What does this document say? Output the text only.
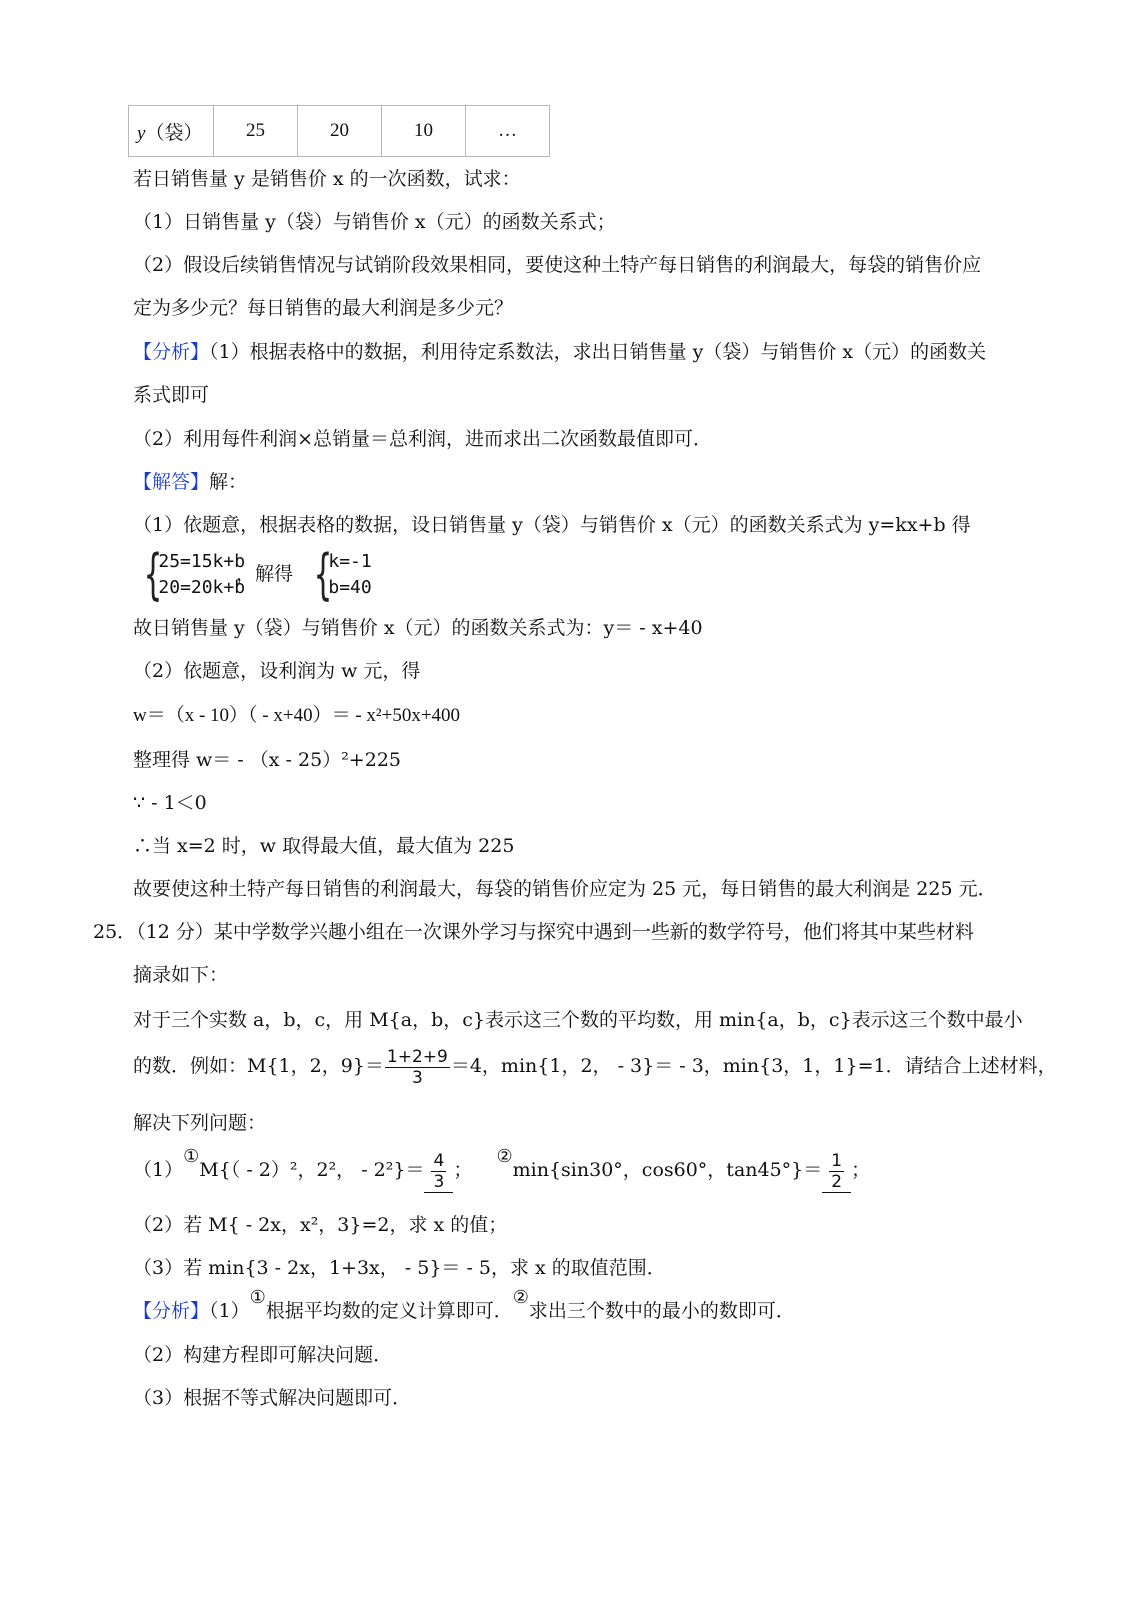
y（袋）	25	20	10	…
若日销售量 y 是销售价 x 的一次函数，试求：
（1）日销售量 y（袋）与销售价 x（元）的函数关系式；
（2）假设后续销售情况与试销阶段效果相同，要使这种土特产每日销售的利润最大，每袋的销售价应
定为多少元？每日销售的最大利润是多少元？
【分析】（1）根据表格中的数据，利用待定系数法，求出日销售量 y（袋）与销售价 x（元）的函数关
系式即可
（2）利用每件利润×总销量＝总利润，进而求出二次函数最值即可．
【解答】解：
（1）依题意，根据表格的数据，设日销售量 y（袋）与销售价 x（元）的函数关系式为 y=kx+b 得
{
25=15k+b
20=20k+b
，解得 {
k=-1
b=40
故日销售量 y（袋）与销售价 x（元）的函数关系式为：y＝ - x+40
（2）依题意，设利润为 w 元，得
w＝（x - 10）（ - x+40）＝ - x²+50x+400
整理得 w＝ - （x - 25）²+225
∵ - 1＜0
∴当 x=2 时，w 取得最大值，最大值为 225
故要使这种土特产每日销售的利润最大，每袋的销售价应定为 25 元，每日销售的最大利润是 225 元．
25．（12 分）某中学数学兴趣小组在一次课外学习与探究中遇到一些新的数学符号，他们将其中某些材料
摘录如下：
对于三个实数 a，b，c，用 M{a，b，c}表示这三个数的平均数，用 min{a，b，c}表示这三个数中最小
的数．例如：M{1，2，$9\}= \frac{1+2+9}{3} =4$，min{1，2， - 3}＝ - 3，min{3，1，1}=1．请结合上述材料，
解决下列问题：
（1）①M{（ - 2）²，2²， - $2^2\}= \frac{4}{3}$ ；    ②min{sin30°，cos60°，$\tan 45^\circ\}= \frac{1}{2}$ ；
（2）若 M{ - 2x，x²，3}=2，求 x 的值；
（3）若 min{3 - 2x，1+3x， - 5}＝ - 5，求 x 的取值范围．
【分析】（1）①根据平均数的定义计算即可．②求出三个数中的最小的数即可．
（2）构建方程即可解决问题．
（3）根据不等式解决问题即可．
